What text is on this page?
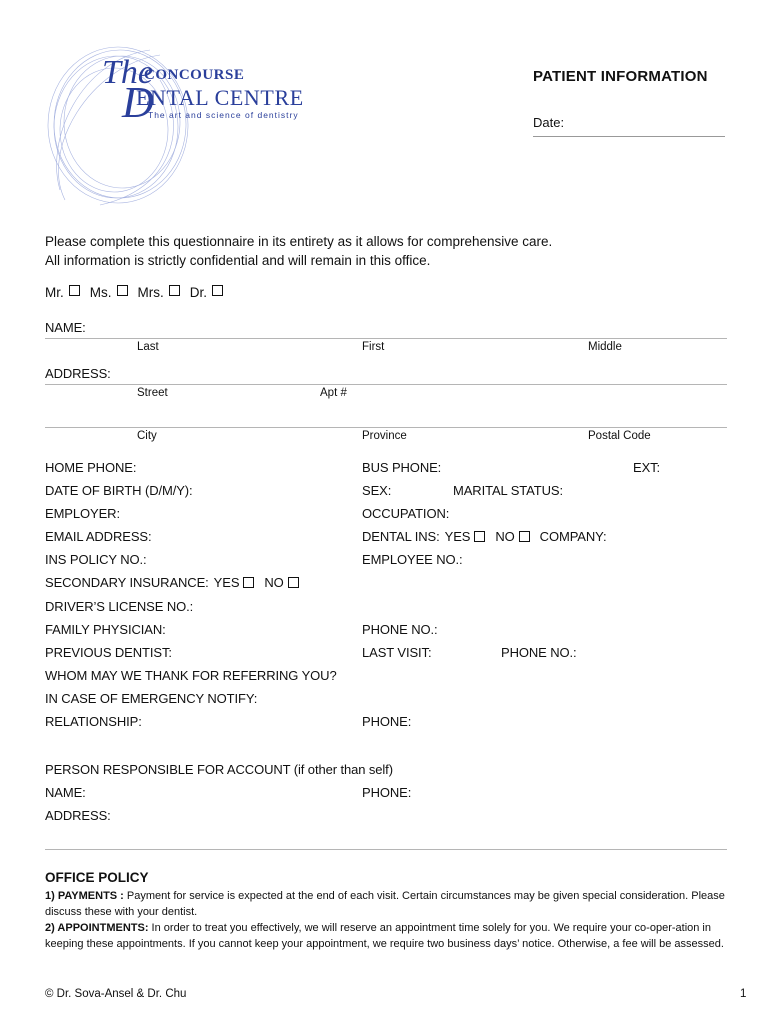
The
CONCOURSE
D
ENTAL CENTRE
The art and science of dentistry
PATIENT INFORMATION
Date:
Please complete this questionnaire in its entirety as it allows for comprehensive care.
All information is strictly confidential and will remain in this office.
Mr. Ms. Mrs. Dr.
NAME:
Last	First	Middle
ADDRESS:
Street	Apt #
City	Province	Postal Code
HOME PHONE:	BUS PHONE:	EXT:
DATE OF BIRTH (D/M/Y):	SEX:	MARITAL STATUS:
EMPLOYER:	OCCUPATION:
EMAIL ADDRESS:	DENTAL INS: YES NO COMPANY:
INS POLICY NO.:	EMPLOYEE NO.:
SECONDARY INSURANCE: YES NO
DRIVER’S LICENSE NO.:
FAMILY PHYSICIAN:	PHONE NO.:
PREVIOUS DENTIST:	LAST VISIT:	PHONE NO.:
WHOM MAY WE THANK FOR REFERRING YOU?
IN CASE OF EMERGENCY NOTIFY:
RELATIONSHIP:	PHONE:
PERSON RESPONSIBLE FOR ACCOUNT (if other than self)
NAME:	PHONE:
ADDRESS:
OFFICE POLICY
1) PAYMENTS : Payment for service is expected at the end of each visit. Certain circumstances may be given special consideration. Please discuss these with your dentist.
2) APPOINTMENTS: In order to treat you effectively, we will reserve an appointment time solely for you. We require your co-oper-ation in keeping these appointments. If you cannot keep your appointment, we require two business days’ notice. Otherwise, a fee will be assessed.
© Dr. Sova-Ansel & Dr. Chu	1
